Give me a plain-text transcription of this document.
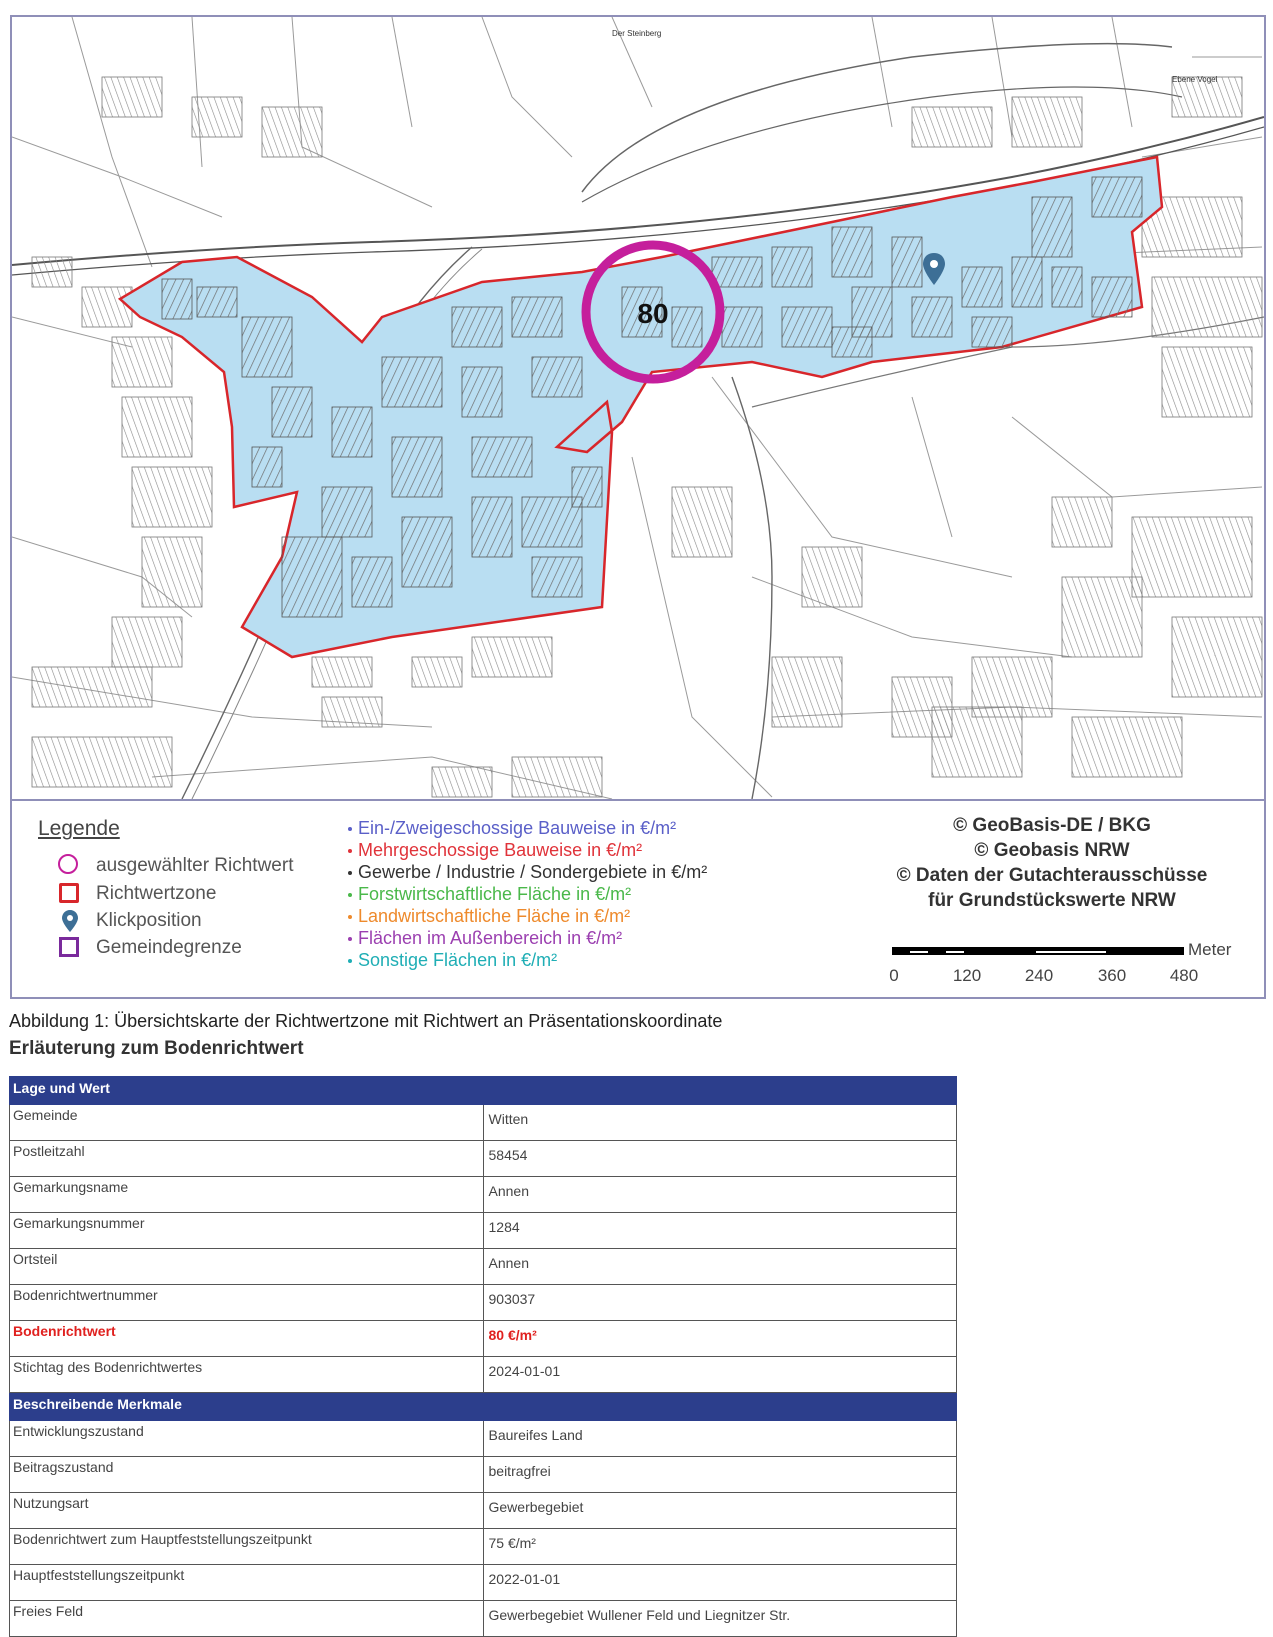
80
Der Steinberg
Ebene Vogel
Legende
ausgewählter Richtwert
Richtwertzone
Klickposition
Gemeindegrenze
Ein-/Zweigeschossige Bauweise in €/m²
Mehrgeschossige Bauweise in €/m²
Gewerbe / Industrie / Sondergebiete in €/m²
Forstwirtschaftliche Fläche in €/m²
Landwirtschaftliche Fläche in €/m²
Flächen im Außenbereich in €/m²
Sonstige Flächen in €/m²
© GeoBasis-DE / BKG
© Geobasis NRW
© Daten der Gutachterausschüsse
für Grundstückswerte NRW
Meter
0	120	240	360	480
Abbildung 1: Übersichtskarte der Richtwertzone mit Richtwert an Präsentationskoordinate
Erläuterung zum Bodenrichtwert
Lage und Wert	
Gemeinde	Witten
Postleitzahl	58454
Gemarkungsname	Annen
Gemarkungsnummer	1284
Ortsteil	Annen
Bodenrichtwertnummer	903037
Bodenrichtwert	80 €/m²
Stichtag des Bodenrichtwertes	2024-01-01
Beschreibende Merkmale	
Entwicklungszustand	Baureifes Land
Beitragszustand	beitragfrei
Nutzungsart	Gewerbegebiet
Bodenrichtwert zum Hauptfeststellungszeitpunkt	75 €/m²
Hauptfeststellungszeitpunkt	2022-01-01
Freies Feld	Gewerbegebiet Wullener Feld und Liegnitzer Str.
